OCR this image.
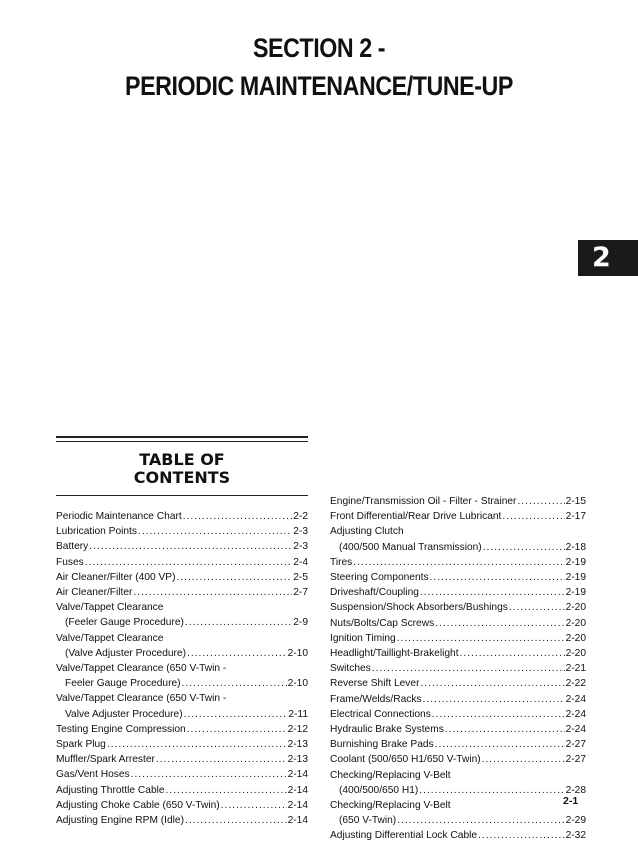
SECTION 2 -
PERIODIC MAINTENANCE/TUNE-UP
2
TABLE OF
CONTENTS
Periodic Maintenance Chart .....	2-2
Lubrication Points .....	2-3
Battery .....	2-3
Fuses .....	2-4
Air Cleaner/Filter (400 VP) .....	2-5
Air Cleaner/Filter .....	2-7
Valve/Tappet Clearance
(Feeler Gauge Procedure) .....	2-9
Valve/Tappet Clearance
(Valve Adjuster Procedure) .....	2-10
Valve/Tappet Clearance (650 V-Twin -
Feeler Gauge Procedure) .....	2-10
Valve/Tappet Clearance (650 V-Twin -
Valve Adjuster Procedure) .....	2-11
Testing Engine Compression .....	2-12
Spark Plug .....	2-13
Muffler/Spark Arrester .....	2-13
Gas/Vent Hoses .....	2-14
Adjusting Throttle Cable .....	2-14
Adjusting Choke Cable (650 V-Twin) .....	2-14
Adjusting Engine RPM (Idle) .....	2-14
Engine/Transmission Oil - Filter - Strainer .....	2-15
Front Differential/Rear Drive Lubricant .....	2-17
Adjusting Clutch
(400/500 Manual Transmission) .....	2-18
Tires .....	2-19
Steering Components .....	2-19
Driveshaft/Coupling .....	2-19
Suspension/Shock Absorbers/Bushings .....	2-20
Nuts/Bolts/Cap Screws .....	2-20
Ignition Timing .....	2-20
Headlight/Taillight-Brakelight .....	2-20
Switches .....	2-21
Reverse Shift Lever .....	2-22
Frame/Welds/Racks .....	2-24
Electrical Connections .....	2-24
Hydraulic Brake Systems .....	2-24
Burnishing Brake Pads .....	2-27
Coolant (500/650 H1/650 V-Twin) .....	2-27
Checking/Replacing V-Belt
(400/500/650 H1) .....	2-28
Checking/Replacing V-Belt
(650 V-Twin) .....	2-29
Adjusting Differential Lock Cable .....	2-32
2-1
